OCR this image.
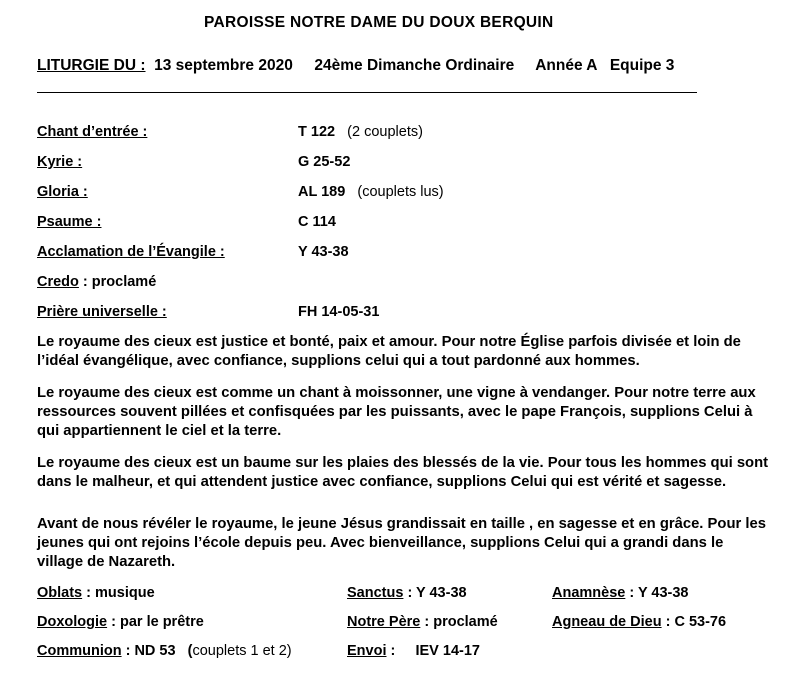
PAROISSE NOTRE DAME DU DOUX BERQUIN
LITURGIE DU :  13 septembre 2020     24ème Dimanche Ordinaire     Année A   Equipe 3
Chant d’entrée :	T 122   (2 couplets)
Kyrie :	G 25-52
Gloria :	AL 189   (couplets lus)
Psaume :	C 114
Acclamation de l’Évangile :	Y 43-38
Credo : proclamé
Prière universelle :	FH 14-05-31
Le royaume des cieux est justice et bonté, paix et amour. Pour notre Église parfois divisée et loin de l’idéal évangélique, avec confiance, supplions celui qui a tout pardonné aux hommes.
Le royaume des cieux est comme un chant à moissonner, une vigne à vendanger. Pour notre terre aux ressources souvent pillées et confisquées par les puissants, avec le pape François, supplions Celui à qui appartiennent le ciel et la terre.
Le royaume des cieux est un baume sur les plaies des blessés de la vie. Pour tous les hommes qui sont dans le malheur, et qui attendent justice avec confiance, supplions Celui qui est vérité et sagesse.
Avant de nous révéler le royaume, le jeune Jésus grandissait en taille , en sagesse et en grâce. Pour les jeunes qui ont rejoins l’école depuis peu. Avec bienveillance, supplions Celui qui a grandi dans le village de Nazareth.
Oblats : musique	Sanctus : Y 43-38	Anamnèse : Y 43-38
Doxologie : par le prêtre	Notre Père : proclamé	Agneau de Dieu : C 53-76
Communion : ND 53   (couplets 1 et 2)	Envoi :     IEV 14-17
